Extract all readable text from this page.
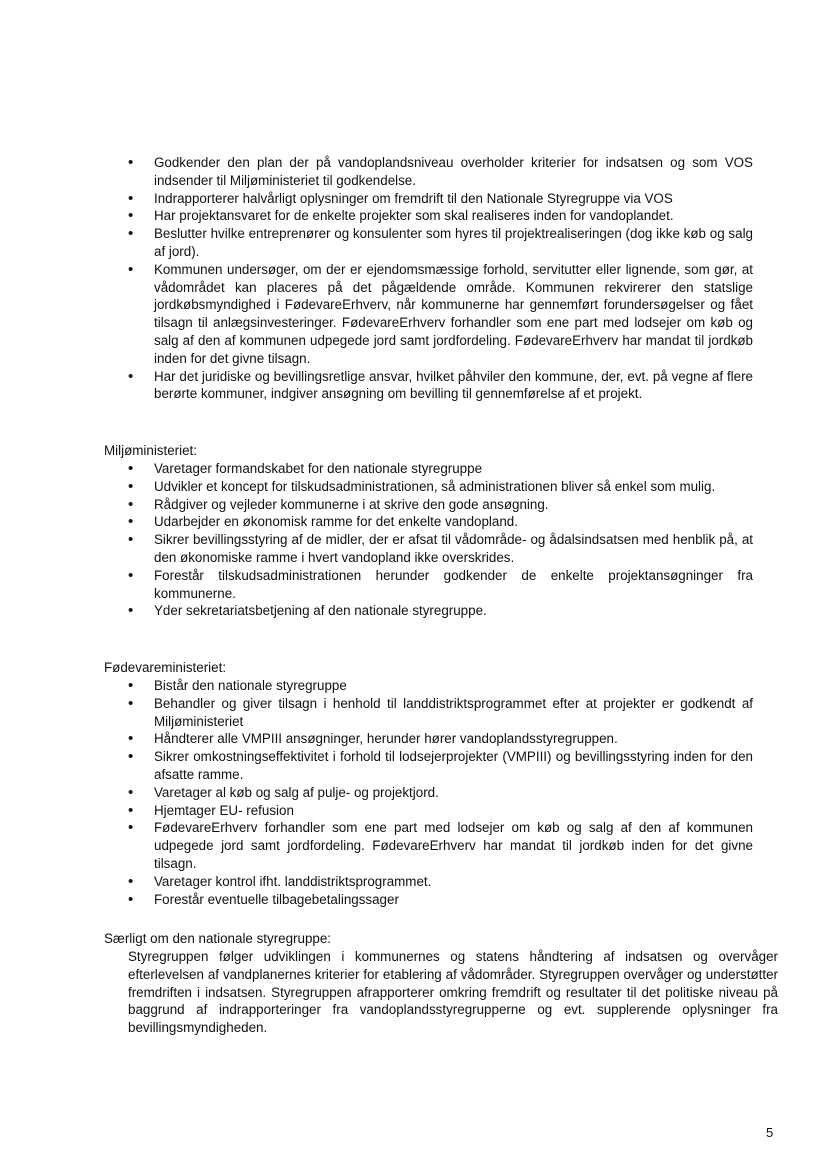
• Godkender den plan der på vandoplandsniveau overholder kriterier for indsatsen og som VOS indsender til Miljøministeriet til godkendelse.
• Indrapporterer halvårligt oplysninger om fremdrift til den Nationale Styregruppe via VOS
• Har projektansvaret for de enkelte projekter som skal realiseres inden for vandoplandet.
• Beslutter hvilke entreprenører og konsulenter som hyres til projektrealiseringen (dog ikke køb og salg af jord).
• Kommunen undersøger, om der er ejendomsmæssige forhold, servitutter eller lignende, som gør, at vådområdet kan placeres på det pågældende område. Kommunen rekvirerer den statslige jordkøbsmyndighed i FødevareErhverv, når kommunerne har gennemført forundersøgelser og fået tilsagn til anlægsinvesteringer. FødevareErhverv forhandler som ene part med lodsejer om køb og salg af den af kommunen udpegede jord samt jordfordeling. FødevareErhverv har mandat til jordkøb inden for det givne tilsagn.
• Har det juridiske og bevillingsretlige ansvar, hvilket påhviler den kommune, der, evt. på vegne af flere berørte kommuner, indgiver ansøgning om bevilling til gennemførelse af et projekt.
Miljøministeriet:
• Varetager formandskabet for den nationale styregruppe
• Udvikler et koncept for tilskudsadministrationen, så administrationen bliver så enkel som mulig.
• Rådgiver og vejleder kommunerne i at skrive den gode ansøgning.
• Udarbejder en økonomisk ramme for det enkelte vandopland.
• Sikrer bevillingsstyring af de midler, der er afsat til vådområde- og ådalsindsatsen med henblik på, at den økonomiske ramme i hvert vandopland ikke overskrides.
• Forestår tilskudsadministrationen herunder godkender de enkelte projektansøgninger fra kommunerne.
• Yder sekretariatsbetjening af den nationale styregruppe.
Fødevareministeriet:
• Bistår den nationale styregruppe
• Behandler og giver tilsagn i henhold til landdistriktsprogrammet efter at projekter er godkendt af Miljøministeriet
• Håndterer alle VMPIII ansøgninger, herunder hører vandoplandsstyregruppen.
• Sikrer omkostningseffektivitet i forhold til lodsejerprojekter (VMPIII) og bevillingsstyring inden for den afsatte ramme.
• Varetager al køb og salg af pulje- og projektjord.
• Hjemtager EU- refusion
• FødevareErhverv forhandler som ene part med lodsejer om køb og salg af den af kommunen udpegede jord samt jordfordeling. FødevareErhverv har mandat til jordkøb inden for det givne tilsagn.
• Varetager kontrol ifht. landdistriktsprogrammet.
• Forestår eventuelle tilbagebetalingssager
Særligt om den nationale styregruppe:

Styregruppen følger udviklingen i kommunernes og statens håndtering af indsatsen og overvåger efterlevelsen af vandplanernes kriterier for etablering af vådområder. Styregruppen overvåger og understøtter fremdriften i indsatsen. Styregruppen afrapporterer omkring fremdrift og resultater til det politiske niveau på baggrund af indrapporteringer fra vandoplandsstyregrupperne og evt. supplerende oplysninger fra bevillingsmyndigheden.

5
